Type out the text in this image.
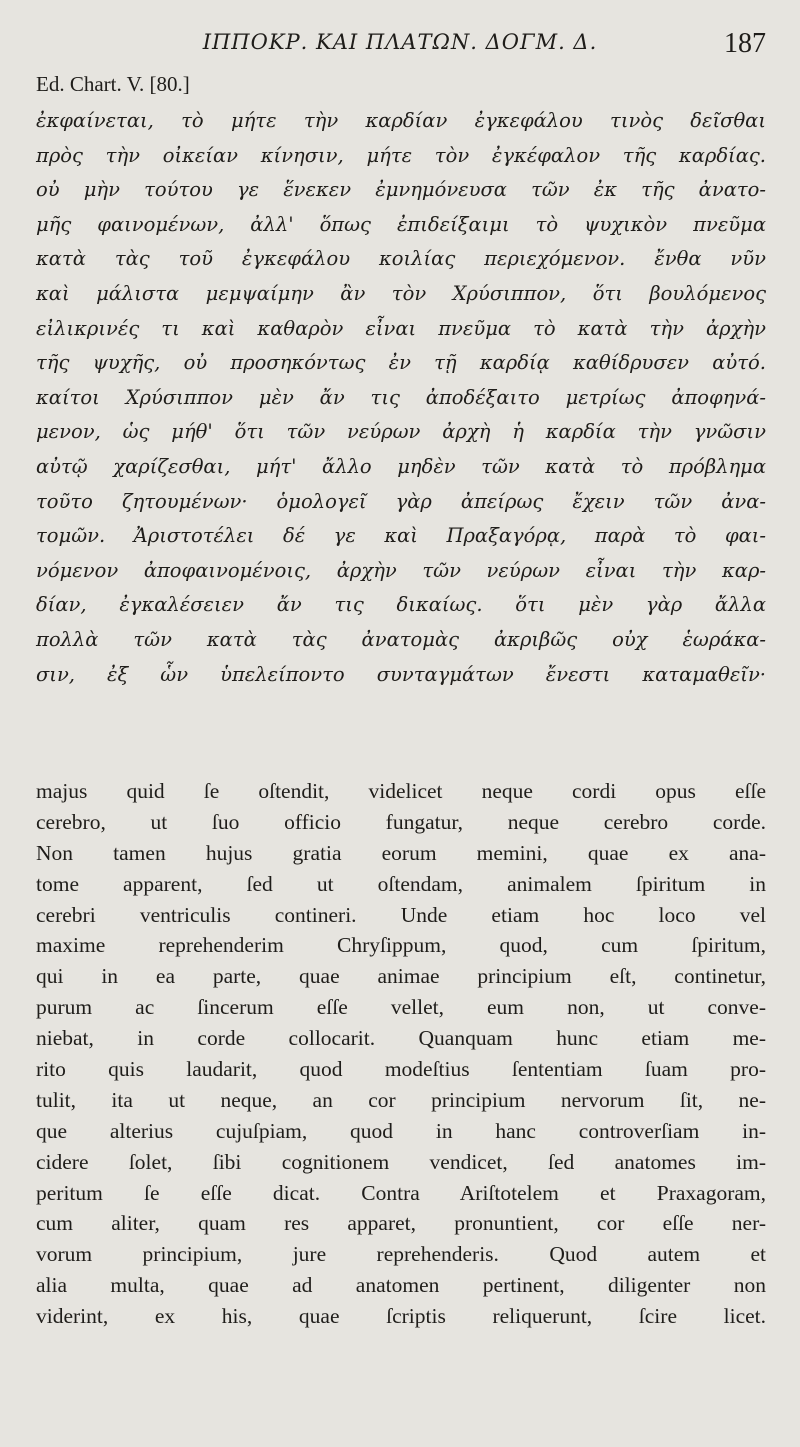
ΙΠΠΟΚΡ. ΚΑΙ ΠΛΑΤΩΝ. ΔΟΓΜ. Δ.	187
Ed. Chart. V. [80.]
ἐκφαίνεται, τὸ μήτε τὴν καρδίαν ἐγκεφάλου τινὸς δεῖσθαι
πρὸς τὴν οἰκείαν κίνησιν, μήτε τὸν ἐγκέφαλον τῆς καρδίας.
οὐ μὴν τούτου γε ἕνεκεν ἐμνημόνευσα τῶν ἐκ τῆς ἀνατο-
μῆς φαινομένων, ἀλλ' ὅπως ἐπιδείξαιμι τὸ ψυχικὸν πνεῦμα
κατὰ τὰς τοῦ ἐγκεφάλου κοιλίας περιεχόμενον. ἔνθα νῦν
καὶ μάλιστα μεμψαίμην ἂν τὸν Χρύσιππον, ὅτι βουλόμενος
εἰλικρινές τι καὶ καθαρὸν εἶναι πνεῦμα τὸ κατὰ τὴν ἀρχὴν
τῆς ψυχῆς, οὐ προσηκόντως ἐν τῇ καρδίᾳ καθίδρυσεν αὐτό.
καίτοι Χρύσιππον μὲν ἄν τις ἀποδέξαιτο μετρίως ἀποφηνά-
μενον, ὡς μήθ' ὅτι τῶν νεύρων ἀρχὴ ἡ καρδία τὴν γνῶσιν
αὐτῷ χαρίζεσθαι, μήτ' ἄλλο μηδὲν τῶν κατὰ τὸ πρόβλημα
τοῦτο ζητουμένων· ὁμολογεῖ γὰρ ἀπείρως ἔχειν τῶν ἀνα-
τομῶν. Ἀριστοτέλει δέ γε καὶ Πραξαγόρᾳ, παρὰ τὸ φαι-
νόμενον ἀποφαινομένοις, ἀρχὴν τῶν νεύρων εἶναι τὴν καρ-
δίαν, ἐγκαλέσειεν ἄν τις δικαίως. ὅτι μὲν γὰρ ἄλλα
πολλὰ τῶν κατὰ τὰς ἀνατομὰς ἀκριβῶς οὐχ ἑωράκα-
σιν, ἐξ ὧν ὑπελείποντο συνταγμάτων ἔνεστι καταμαθεῖν·
majus quid ſe oſtendit, videlicet neque cordi opus eſſe
cerebro, ut ſuo officio fungatur, neque cerebro corde.
Non tamen hujus gratia eorum memini, quae ex ana-
tome apparent, ſed ut oſtendam, animalem ſpiritum in
cerebri ventriculis contineri. Unde etiam hoc loco vel
maxime reprehenderim Chryſippum, quod, cum ſpiritum,
qui in ea parte, quae animae principium eſt, continetur,
purum ac ſincerum eſſe vellet, eum non, ut conve-
niebat, in corde collocarit. Quanquam hunc etiam me-
rito quis laudarit, quod modeſtius ſententiam ſuam pro-
tulit, ita ut neque, an cor principium nervorum ſit, ne-
que alterius cujuſpiam, quod in hanc controverſiam in-
cidere ſolet, ſibi cognitionem vendicet, ſed anatomes im-
peritum ſe eſſe dicat. Contra Ariſtotelem et Praxagoram,
cum aliter, quam res apparet, pronuntient, cor eſſe ner-
vorum principium, jure reprehenderis. Quod autem et
alia multa, quae ad anatomen pertinent, diligenter non
viderint, ex his, quae ſcriptis reliquerunt, ſcire licet.
